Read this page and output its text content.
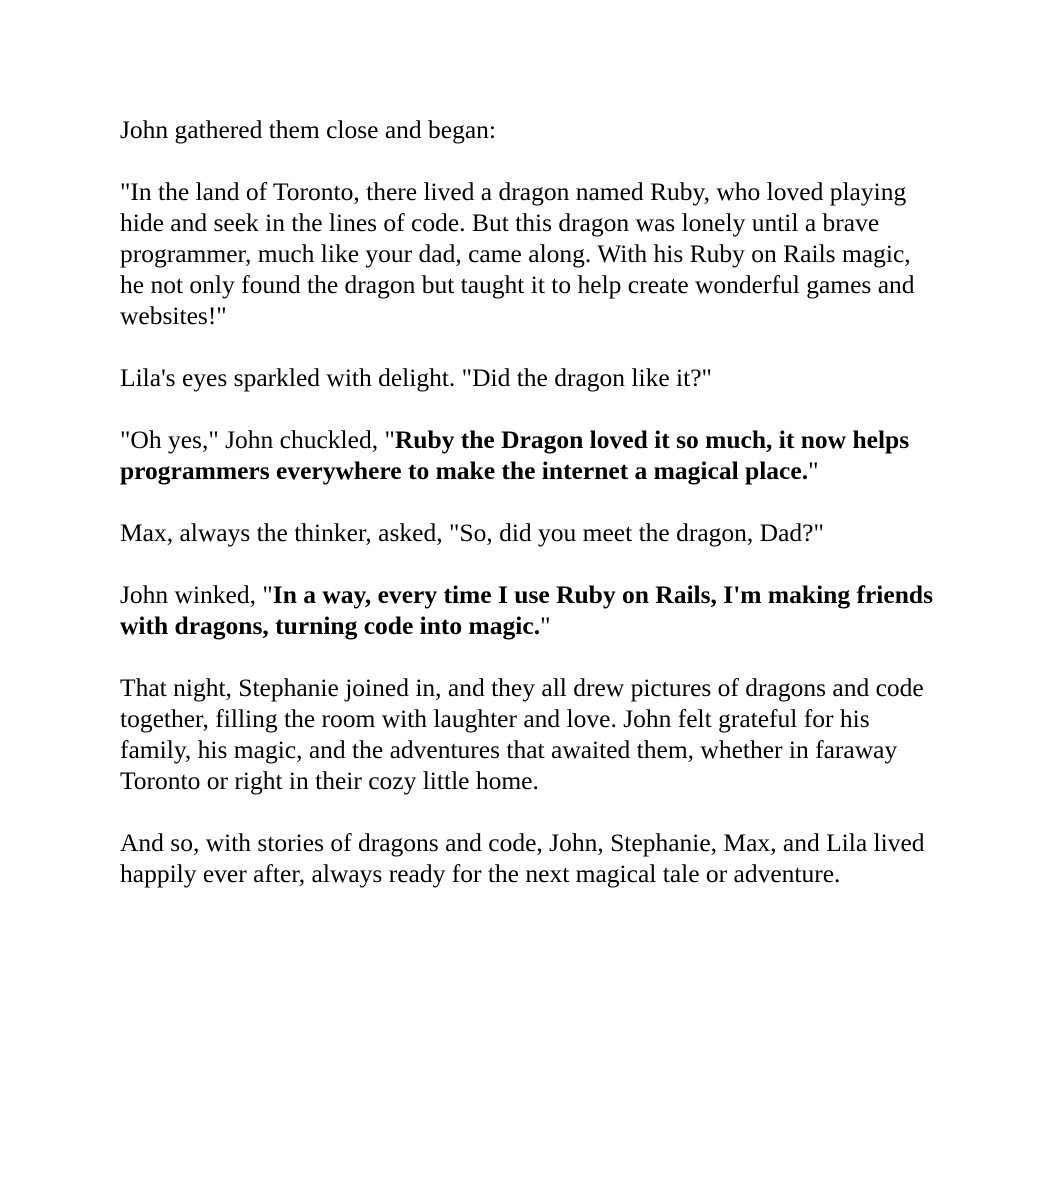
John gathered them close and began:

"In the land of Toronto, there lived a dragon named Ruby, who loved playing hide and seek in the lines of code. But this dragon was lonely until a brave programmer, much like your dad, came along. With his Ruby on Rails magic, he not only found the dragon but taught it to help create wonderful games and websites!"

Lila's eyes sparkled with delight. "Did the dragon like it?"

"Oh yes," John chuckled, "Ruby the Dragon loved it so much, it now helps programmers everywhere to make the internet a magical place."

Max, always the thinker, asked, "So, did you meet the dragon, Dad?"

John winked, "In a way, every time I use Ruby on Rails, I'm making friends with dragons, turning code into magic."

That night, Stephanie joined in, and they all drew pictures of dragons and code together, filling the room with laughter and love. John felt grateful for his family, his magic, and the adventures that awaited them, whether in faraway Toronto or right in their cozy little home.

And so, with stories of dragons and code, John, Stephanie, Max, and Lila lived happily ever after, always ready for the next magical tale or adventure.
